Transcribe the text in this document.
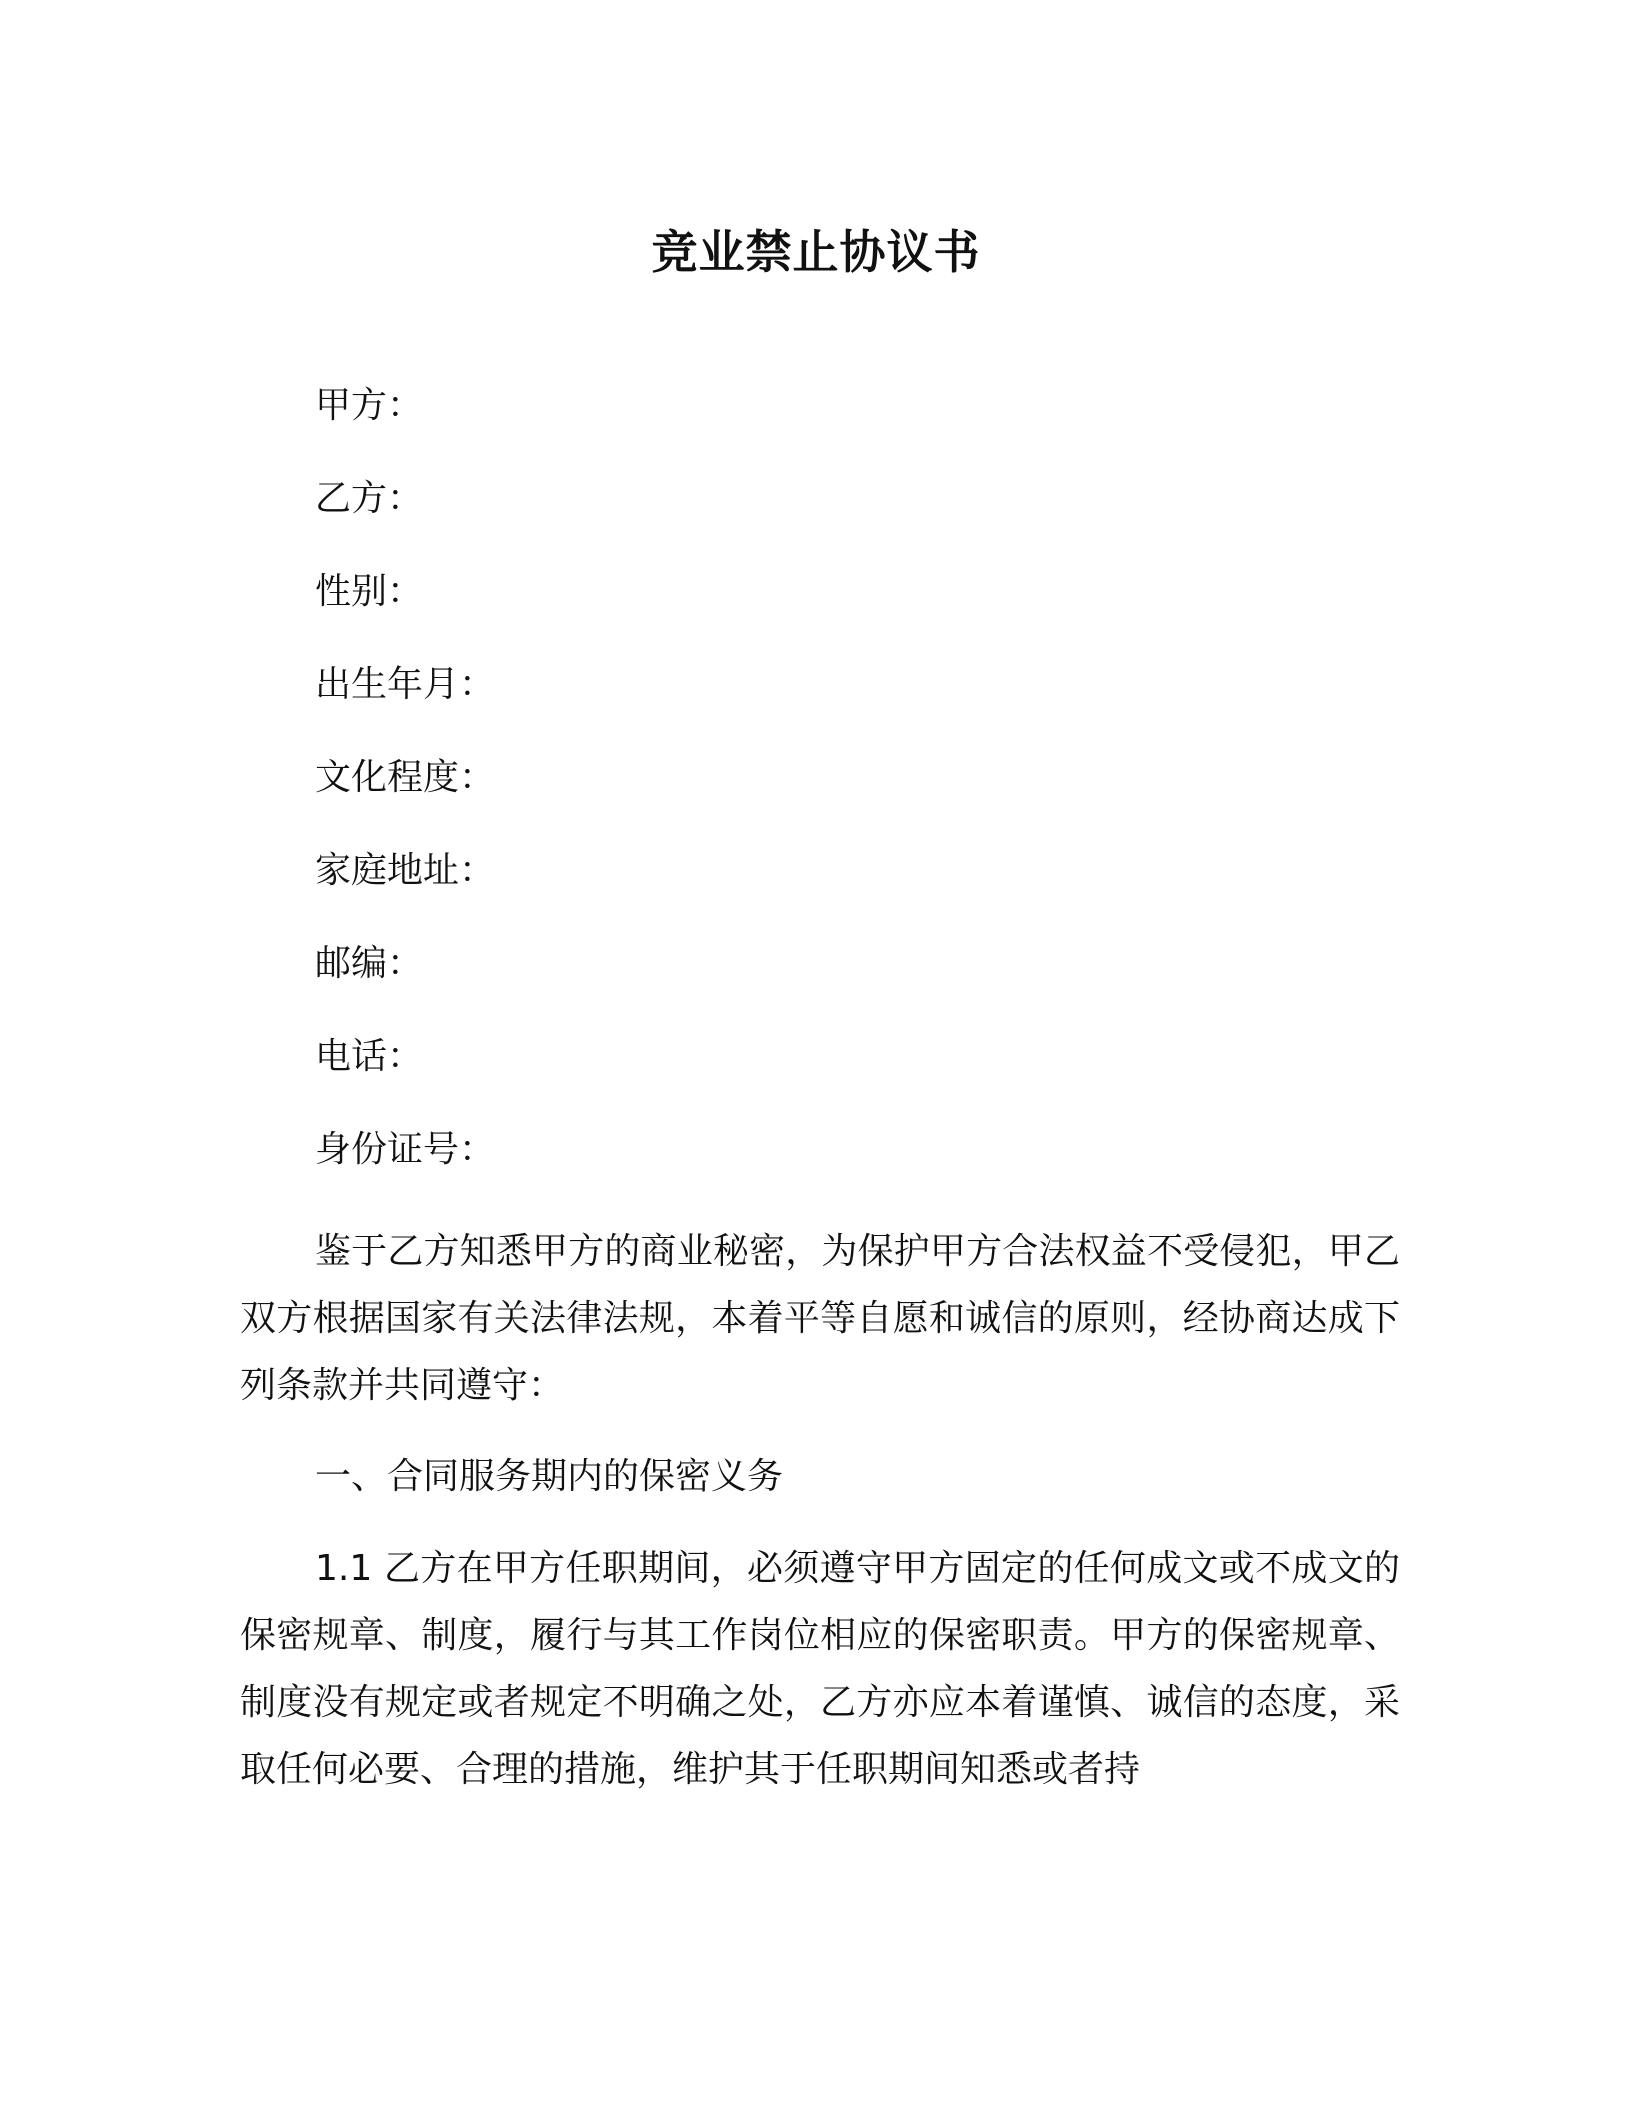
竞业禁止协议书
甲方：
乙方：
性别：
出生年月：
文化程度：
家庭地址：
邮编：
电话：
身份证号：
鉴于乙方知悉甲方的商业秘密，为保护甲方合法权益不受侵犯，甲乙双方根据国家有关法律法规，本着平等自愿和诚信的原则，经协商达成下列条款并共同遵守：
一、合同服务期内的保密义务
1.1 乙方在甲方任职期间，必须遵守甲方固定的任何成文或不成文的保密规章、制度，履行与其工作岗位相应的保密职责。甲方的保密规章、制度没有规定或者规定不明确之处，乙方亦应本着谨慎、诚信的态度，采取任何必要、合理的措施，维护其于任职期间知悉或者持
